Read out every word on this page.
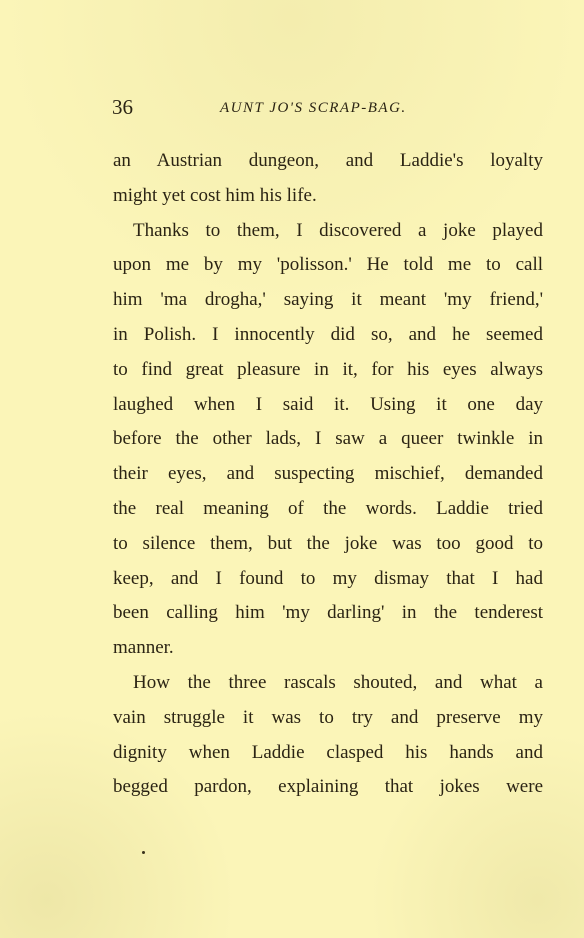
36	AUNT JO'S SCRAP-BAG.
an Austrian dungeon, and Laddie's loyalty
might yet cost him his life.
Thanks to them, I discovered a joke played
upon me by my 'polisson.' He told me to call
him 'ma drogha,' saying it meant 'my friend,'
in Polish. I innocently did so, and he seemed
to find great pleasure in it, for his eyes always
laughed when I said it. Using it one day
before the other lads, I saw a queer twinkle in
their eyes, and suspecting mischief, demanded
the real meaning of the words. Laddie tried
to silence them, but the joke was too good to
keep, and I found to my dismay that I had
been calling him 'my darling' in the tenderest
manner.
How the three rascals shouted, and what a
vain struggle it was to try and preserve my
dignity when Laddie clasped his hands and
begged pardon, explaining that jokes were
